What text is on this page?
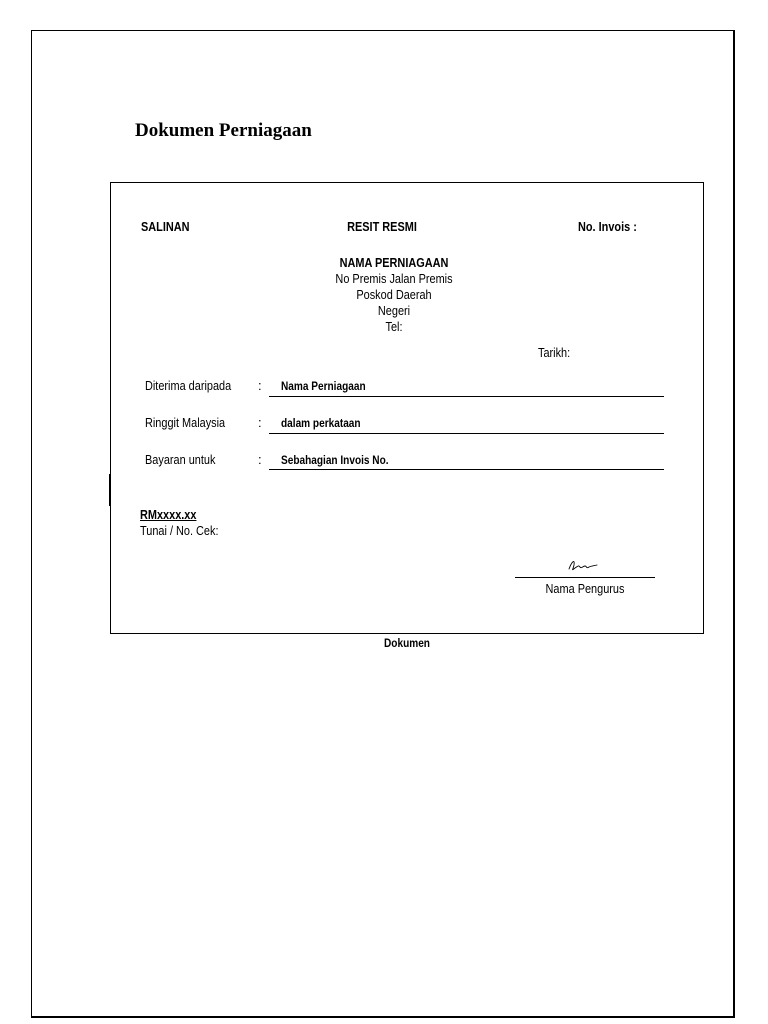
Dokumen Perniagaan
SALINAN	RESIT RESMI	No. Invois :
NAMA PERNIAGAAN
No Premis Jalan Premis
Poskod Daerah
Negeri
Tel:
Tarikh:
Diterima daripada : Nama Perniagaan
Ringgit Malaysia	: dalam perkataan
Bayaran untuk	: Sebahagian Invois No.
RMxxxx.xx
Tunai / No. Cek:
Nama Pengurus
Dokumen
